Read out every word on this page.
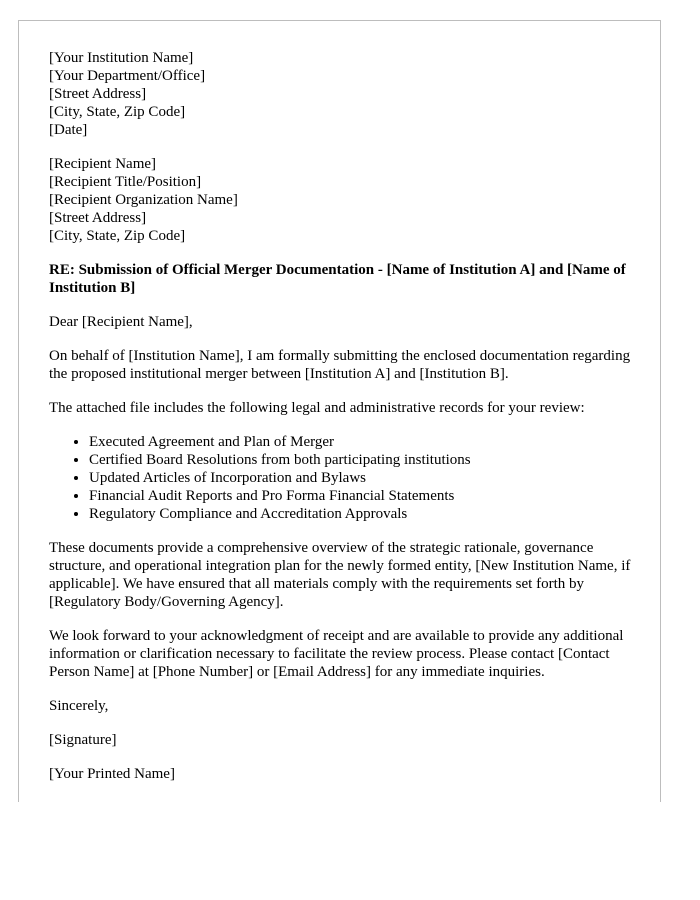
[Your Institution Name]
[Your Department/Office]
[Street Address]
[City, State, Zip Code]
[Date]
[Recipient Name]
[Recipient Title/Position]
[Recipient Organization Name]
[Street Address]
[City, State, Zip Code]

RE: Submission of Official Merger Documentation - [Name of Institution A] and [Name of Institution B]

Dear [Recipient Name],

On behalf of [Institution Name], I am formally submitting the enclosed documentation regarding the proposed institutional merger between [Institution A] and [Institution B].

The attached file includes the following legal and administrative records for your review:

• Executed Agreement and Plan of Merger
• Certified Board Resolutions from both participating institutions
• Updated Articles of Incorporation and Bylaws
• Financial Audit Reports and Pro Forma Financial Statements
• Regulatory Compliance and Accreditation Approvals

These documents provide a comprehensive overview of the strategic rationale, governance structure, and operational integration plan for the newly formed entity, [New Institution Name, if applicable]. We have ensured that all materials comply with the requirements set forth by [Regulatory Body/Governing Agency].

We look forward to your acknowledgment of receipt and are available to provide any additional information or clarification necessary to facilitate the review process. Please contact [Contact Person Name] at [Phone Number] or [Email Address] for any immediate inquiries.

Sincerely,

[Signature]

[Your Printed Name]
